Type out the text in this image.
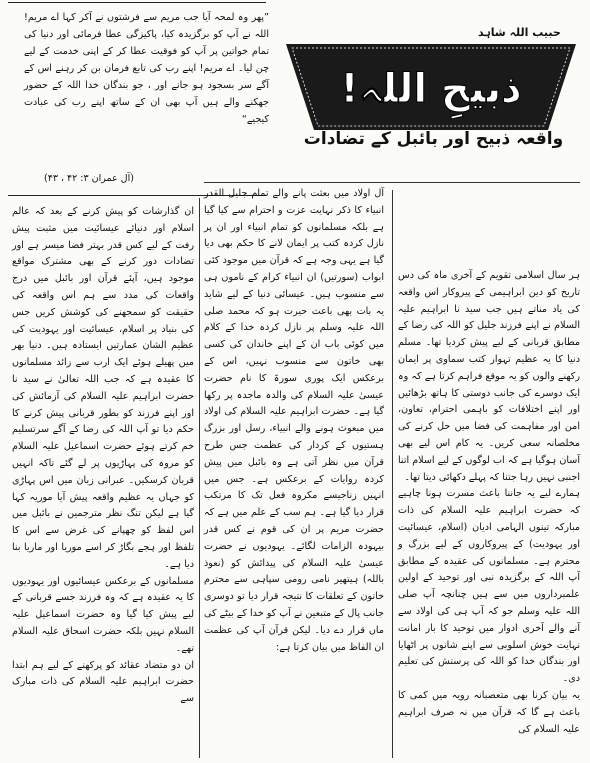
”پھر وہ لمحہ آیا جب مریم سے فرشتوں نے آکر کہا اے مریم! اللہ نے آپ کو برگزیدہ کیا، پاکیزگی عطا فرمائی اور دنیا کی تمام خواتین پر آپ کو فوقیت عطا کر کے اپنی خدمت کے لیے چن لیا۔ اے مریم! اپنے رب کی تابع فرمان بن کر رہنے اس کے آگے سر بسجود ہو جانے اور ، جو بندگان خدا اللہ کے حضور جھکنے والے ہیں آپ بھی ان کے ساتھ اپنے رب کی عبادت کیجیے“
(آل عمران ۳: ۴۲ ، ۴۳)
حبیب اللہ شاہد
ذبیحِ اللہ!
واقعہ ذبیح اور بائبل کے تضادات
ہر سال اسلامی تقویم کے آخری ماہ کی دس تاریخ کو دین ابراہیمی کے پیروکار اس واقعہ کی یاد مناتے ہیں جب سید نا ابراہیم علیہ السلام نے اپنے فرزند جلیل کو اللہ کی رضا کے مطابق قربانی کے لیے پیش کردیا تھا۔ مسلم دنیا کا یہ عظیم تہوار کتب سماوی پر ایمان رکھنے والوں کو یہ موقع فراہم کرتا ہے کہ وہ ایک دوسرے کی جانب دوستی کا ہاتھ بڑھائیں اور اپنے اختلافات کو باہمی احترام، تعاون، امن اور مفاہمت کی فضا میں حل کرنے کی مخلصانہ سعی کریں۔ یہ کام اس لیے بھی آسان ہوگیا ہے کہ اب لوگوں کے لیے اسلام اتنا اجنبی نہیں رہا جتنا کہ پہلے دکھائی دیتا تھا۔
ہمارے لیے یہ جاننا باعث مسرت ہونا چاہیے کہ حضرت ابراہیم علیہ السلام کی ذات مبارکہ تینوں الہامی ادیان (اسلام، عیسائیت اور یہودیت) کے پیروکاروں کے لیے بزرگ و محترم ہے۔ مسلمانوں کی عقیدہ کے مطابق آپ اللہ کے برگزیدہ نبی اور توحید کے اولین علمبرداروں میں سے ہیں چنانچہ آپ صلی اللہ علیہ وسلم جو کہ آپ ہی کی اولاد سے آنے والے آخری ادوار میں توحید کا بار امانت نہایت خوش اسلوبی سے اپنے شانوں پر اٹھایا اور بندگان خدا کو اللہ کی پرستش کی تعلیم دی۔
یہ بیان کرنا بھی متعصبانہ رویہ میں کمی کا باعث ہے گا کہ قرآن میں نہ صرف ابراہیم علیہ السلام کی
آل اولاد میں بعثت پانے والے تمام جلیل القدر انبیاء کا ذکر نہایت عزت و احترام سے کیا گیا ہے بلکہ مسلمانوں کو تمام انبیاء اور ان پر نازل کردہ کتب پر ایمان لانے کا حکم بھی دیا گیا ہے یہی وجہ ہے کہ قرآن میں موجود کئی ابواب (سورتیں) ان انبیاء کرام کے ناموں ہی سے منسوب ہیں۔ عیسائی دنیا کے لیے شاید یہ بات بھی باعث حیرت ہو کہ محمد صلی اللہ علیہ وسلم پر نازل کردہ خدا کے کلام میں کوئی باب ان کے اپنے خاندان کی کسی بھی خاتون سے منسوب نہیں، اس کے برعکس ایک پوری سورۃ کا نام حضرت عیسیٰ علیہ السلام کی والدہ ماجدہ پر رکھا گیا ہے۔ حضرت ابراہیم علیہ السلام کی اولاد میں مبعوث ہونے والے انبیاء، رسل اور بزرگ ہستیوں کے کردار کی عظمت جس طرح قرآن میں نظر آتی ہے وہ بائبل میں پیش کردہ روایات کے برعکس ہے۔ جس میں انہیں زناجیسے مکروہ فعل تک کا مرتکب قرار دیا گیا ہے۔ ہم سب کے علم میں ہے کہ حضرت مریم پر ان کی قوم نے کس قدر بیہودہ الزامات لگائے۔ یہودیوں نے حضرت عیسیٰ علیہ السلام کی پیدائش کو (نعوذ باللہ) ہیتھیر نامی رومی سپاہی سے محترم خاتون کے تعلقات کا نتیجہ قرار دیا تو دوسری جانب پال کے متبعین نے آپ کو خدا کے بیٹے کی ماں قرار دے دیا۔ لیکن قرآن آپ کی عظمت ان الفاظ میں بیان کرتا ہے:
ان گذارشات کو پیش کرنے کے بعد کہ عالم اسلام اور دنیائے عیسائیت میں مثبت پیش رفت کے لیے کس قدر بہتر فضا میسر ہے اور تضادات دور کرنے کے بھی مشترک مواقع موجود ہیں، آپئے قرآن اور بائبل میں درج واقعات کی مدد سے ہم اس واقعہ کی حقیقت کو سمجھنے کی کوشش کریں جس کی بنیاد پر اسلام، عیسائیت اور یہودیت کی عظیم الشان عمارتیں ایستادہ ہیں۔ دنیا بھر میں پھیلے ہوئے ایک ارب سے زائد مسلمانوں کا عقیدہ ہے کہ جب اللہ تعالیٰ نے سید نا حضرت ابراہیم علیہ السلام کی آزمائش کی اور اپنے فرزند کو بطور قربانی پیش کرنے کا حکم دیا تو آپ اللہ کی رضا کے آگے سرتسلیم خم کرتے ہوئے حضرت اسماعیل علیہ السلام کو مروہ کی پہاڑیوں پر لے گئے تاکہ انہیں قربان کرسکیں۔ عبرانی زبان میں اس پہاڑی کو جہاں یہ عظیم واقعہ پیش آیا موریہ کہا گیا ہے لیکن تنگ نظر مترجمین نے بائبل میں اس لفظ کو چھپانے کی غرض سے اس کا تلفظ اور ہجے بگاڑ کر اسے موریا اور ماریا بنا دیا ہے۔
مسلمانوں کے برعکس عیسائیوں اور یہودیوں کا یہ عقیدہ ہے کہ وہ فرزند جسے قربانی کے لیے پیش کیا گیا وہ حضرت اسماعیل علیہ السلام نہیں بلکہ حضرت اسحاق علیہ السلام تھے۔
ان دو متضاد عقائد کو پرکھنے کے لیے ہم ابتدا حضرت ابراہیم علیہ السلام کی ذات مبارک سے
